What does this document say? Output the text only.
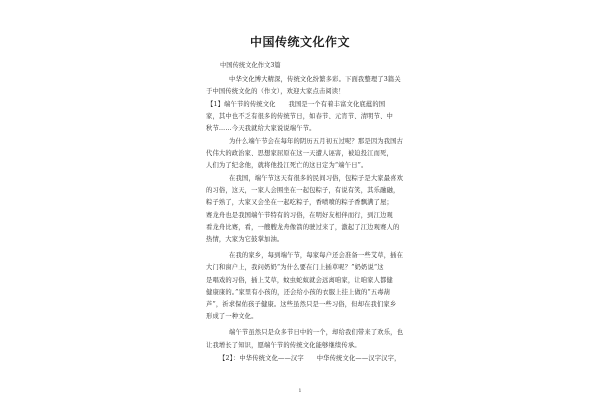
中国传统文化作文
中国传统文化作文3篇
中华文化博大精深，传统文化纷繁多彩。下面我整理了3篇关
于中国传统文化的（作文），欢迎大家点击阅读！
【1】端午节的传统文化　　我国是一个有着丰富文化底蕴的国
家，其中也不乏有很多的传统节日，如春节、元宵节、清明节、中
秋节……今天我就给大家说说端午节。
为什么端午节会在每年的阴历五月初五过呢？那是因为我国古
代伟大的政治家、思想家屈原在这一天遭人诬害，被迫投江而死，
人们为了纪念他，就将他投江死亡的这日定为“端午日”。
在我国，端午节这天有很多的民间习俗，包粽子是大家最喜欢
的习俗，这天，一家人会围坐在一起包粽子，有说有笑，其乐融融，
粽子熟了，大家又会坐在一起吃粽子，香喷喷的粽子香飘满了屋；
赛龙舟也是我国端午节特有的习俗，在明好友相伴而行，到江边观
看龙舟比赛，看，一艘艘龙舟像箭的驶过来了，激起了江边观赛人的
热情，大家为它鼓掌加油。
在我的家乡，每到端午节，每家每户还会准备一些艾草，插在
大门和窗户上，我问奶奶“为什么要在门上插草呢？”奶奶说“这
是唱戏的习俗，插上艾草，蚊虫蛇蚁就会远离咱家，让咱家人都健
健康康的。”家里有小孩的，还会给小孩的衣服上挂上做的“五毒葫
芦”，祈求保佑孩子健康。这些虽然只是一些习俗，但却在我们家乡
形成了一种文化。
端午节虽然只是众多节日中的一个，却给我们带来了欢乐，也
让我增长了知识，愿端午节的传统文化能够继续传承。
【2】：中华传统文化——汉字　　中华传统文化——汉字汉字，
1
